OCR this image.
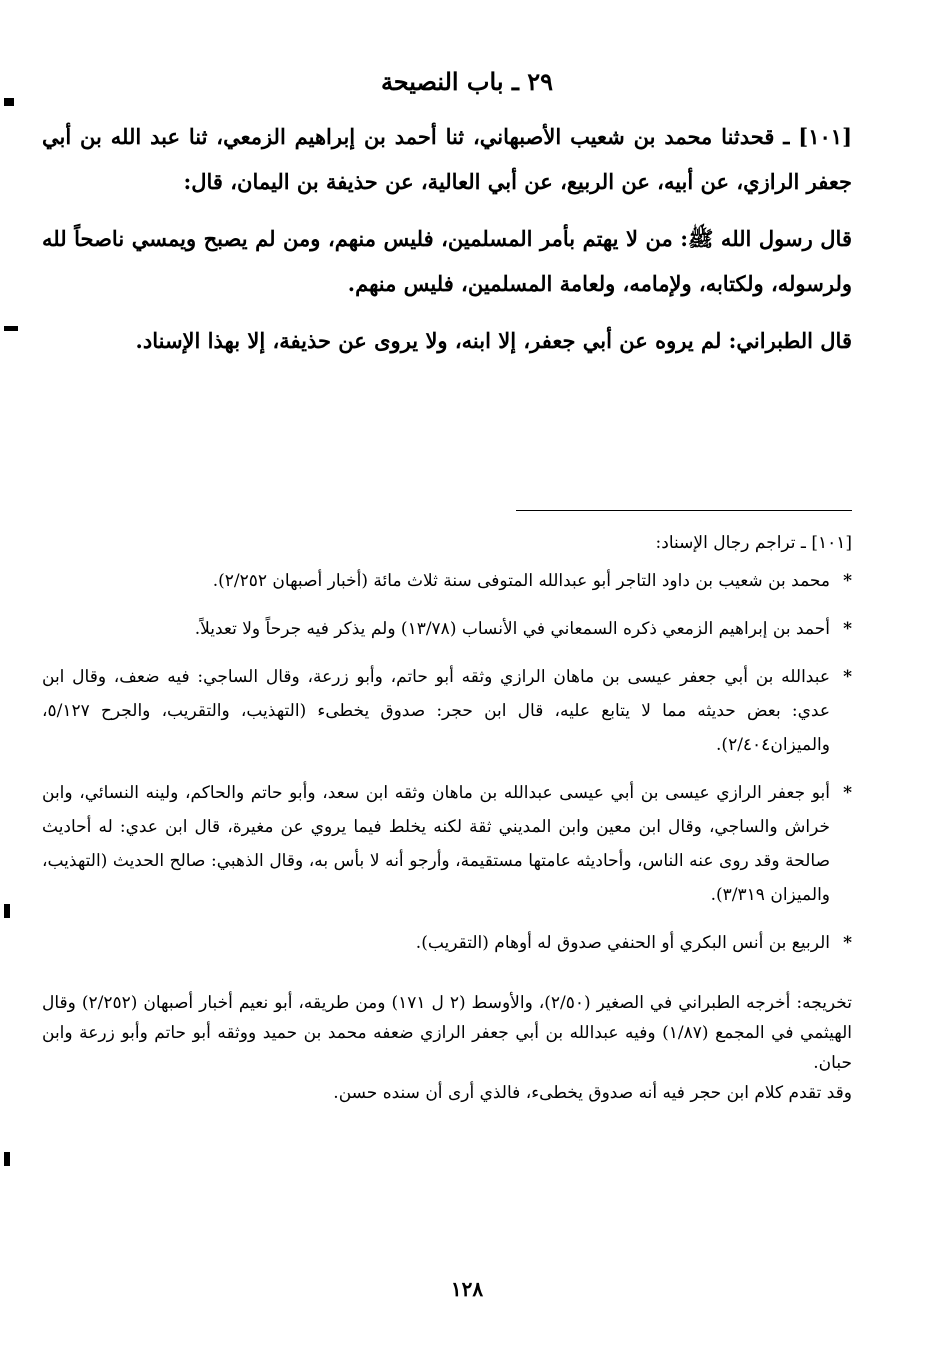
٢٩ ـ باب النصيحة

[١٠١] ـ قحدثنا محمد بن شعيب الأصبهاني، ثنا أحمد بن إبراهيم الزمعي، ثنا عبد الله بن أبي جعفر الرازي، عن أبيه، عن الربيع، عن أبي العالية، عن حذيفة بن اليمان، قال:

قال رسول الله ﷺ: من لا يهتم بأمر المسلمين، فليس منهم، ومن لم يصبح ويمسي ناصحاً لله ولرسوله، ولكتابه، ولإمامه، ولعامة المسلمين، فليس منهم.

قال الطبراني: لم يروه عن أبي جعفر، إلا ابنه، ولا يروى عن حذيفة، إلا بهذا الإسناد.

[١٠١] ـ تراجم رجال الإسناد:

*
محمد بن شعيب بن داود التاجر أبو عبدالله المتوفى سنة ثلاث مائة (أخبار أصبهان ٢/٢٥٢).

*
أحمد بن إبراهيم الزمعي ذكره السمعاني في الأنساب (١٣/٧٨) ولم يذكر فيه جرحاً ولا تعديلاً.

*
عبدالله بن أبي جعفر عيسى بن ماهان الرازي وثقه أبو حاتم، وأبو زرعة، وقال الساجي: فيه ضعف، وقال ابن عدي: بعض حديثه مما لا يتابع عليه، قال ابن حجر: صدوق يخطىء (التهذيب، والتقريب، والجرح ٥/١٢٧، والميزان٢/٤٠٤).

*
أبو جعفر الرازي عيسى بن أبي عيسى عبدالله بن ماهان وثقه ابن سعد، وأبو حاتم والحاكم، ولينه النسائي، وابن خراش والساجي، وقال ابن معين وابن المديني ثقة لكنه يخلط فيما يروي عن مغيرة، قال ابن عدي: له أحاديث صالحة وقد روى عنه الناس، وأحاديثه عامتها مستقيمة، وأرجو أنه لا بأس به، وقال الذهبي: صالح الحديث (التهذيب، والميزان ٣/٣١٩).

*
الربيع بن أنس البكري أو الحنفي صدوق له أوهام (التقريب).

تخريجه: أخرجه الطبراني في الصغير (٢/٥٠)، والأوسط (٢ ل ١٧١) ومن طريقه، أبو نعيم أخبار أصبهان (٢/٢٥٢) وقال الهيثمي في المجمع (١/٨٧) وفيه عبدالله بن أبي جعفر الرازي ضعفه محمد بن حميد ووثقه أبو حاتم وأبو زرعة وابن حبان.

وقد تقدم كلام ابن حجر فيه أنه صدوق يخطىء، فالذي أرى أن سنده حسن.

١٢٨
